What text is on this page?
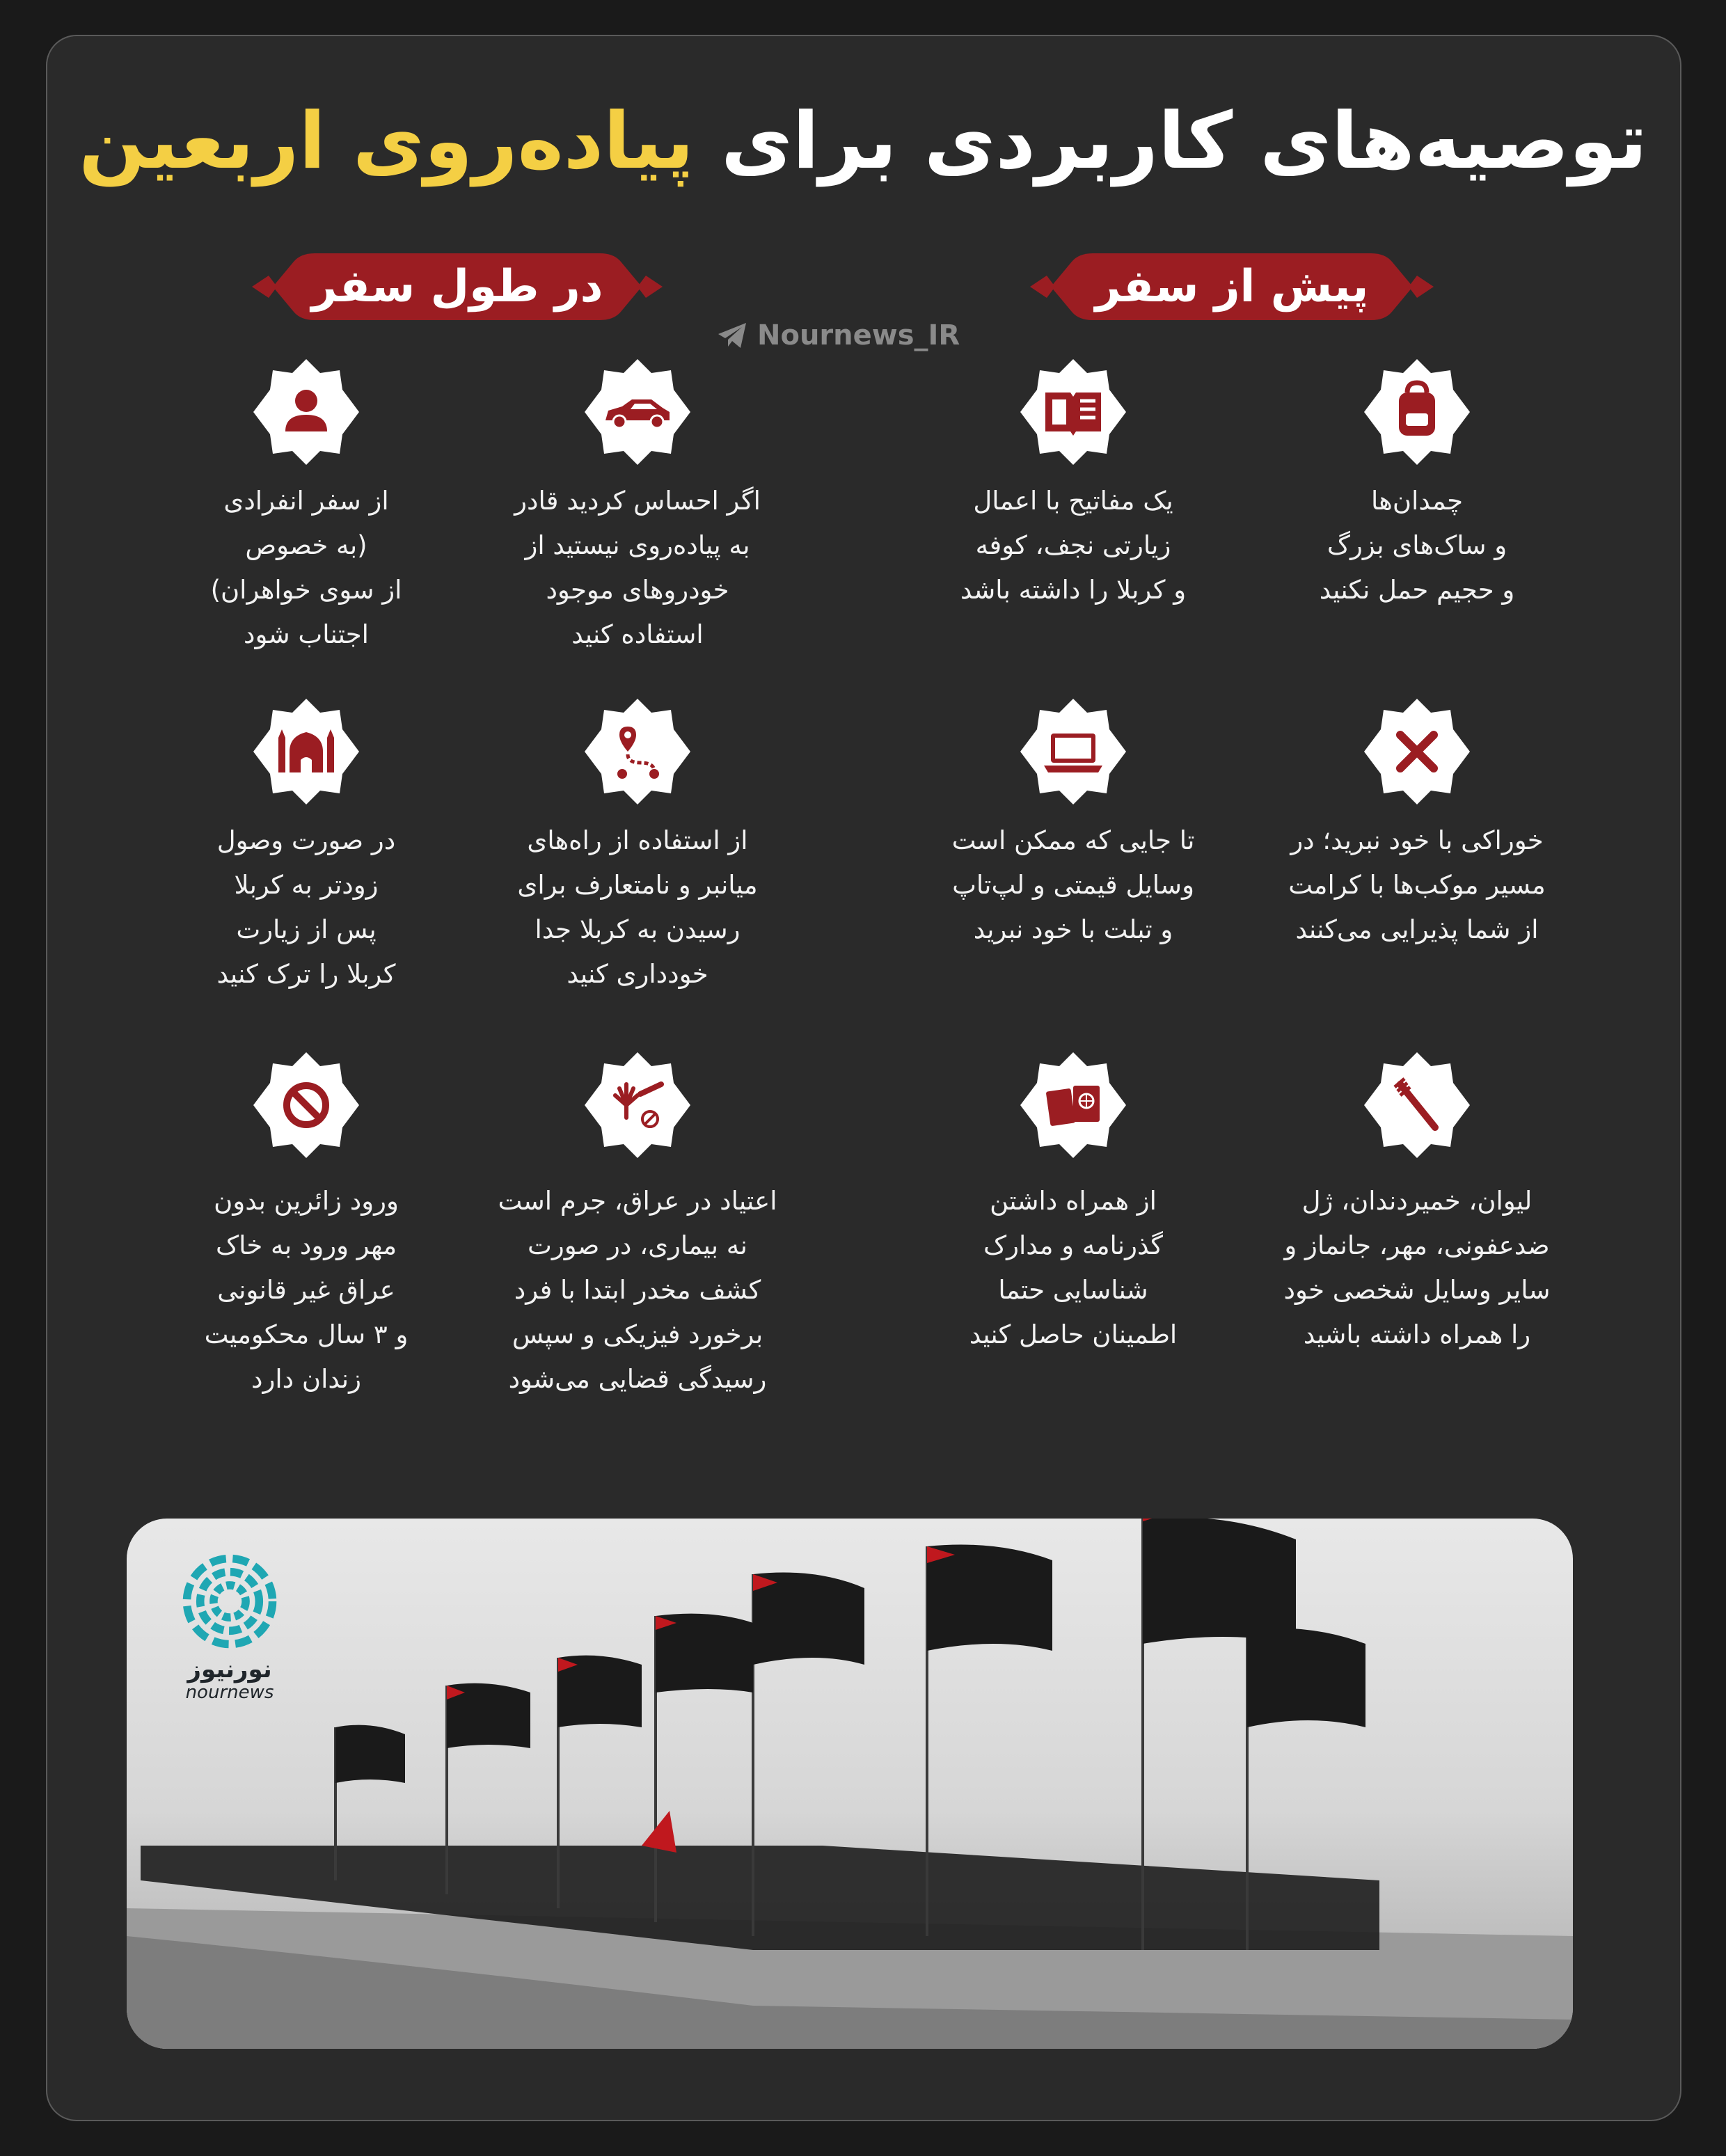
توصیه‌های کاربردی برای پیاده‌روی اربعین
پیش از سفر
در طول سفر
Nournews_IR
چمدان‌ها
و ساک‌های بزرگ
و حجیم حمل نکنید
یک مفاتیح با اعمال
زیارتی نجف، کوفه
و کربلا را داشته باشد
اگر احساس کردید قادر
به پیاده‌روی نیستید از
خودروهای موجود
استفاده کنید
از سفر انفرادی
(به خصوص
از سوی خواهران)
اجتناب شود
خوراکی با خود نبرید؛ در
مسیر موکب‌ها با کرامت
از شما پذیرایی می‌کنند
تا جایی که ممکن است
وسایل قیمتی و لپ‌تاپ
و تبلت با خود نبرید
از استفاده از راه‌های
میانبر و نامتعارف برای
رسیدن به کربلا جدا
خودداری کنید
در صورت وصول
زودتر به کربلا
پس از زیارت
کربلا را ترک کنید
لیوان، خمیردندان، ژل
ضدعفونی، مهر، جانماز و
سایر وسایل شخصی خود
را همراه داشته باشید
از همراه داشتن
گذرنامه و مدارک
شناسایی حتما
اطمینان حاصل کنید
اعتیاد در عراق، جرم است
نه بیماری، در صورت
کشف مخدر ابتدا با فرد
برخورد فیزیکی و سپس
رسیدگی قضایی می‌شود
ورود زائرین بدون
مهر ورود به خاک
عراق غیر قانونی
و ۳ سال محکومیت
زندان دارد
نورنیوز
nournews
